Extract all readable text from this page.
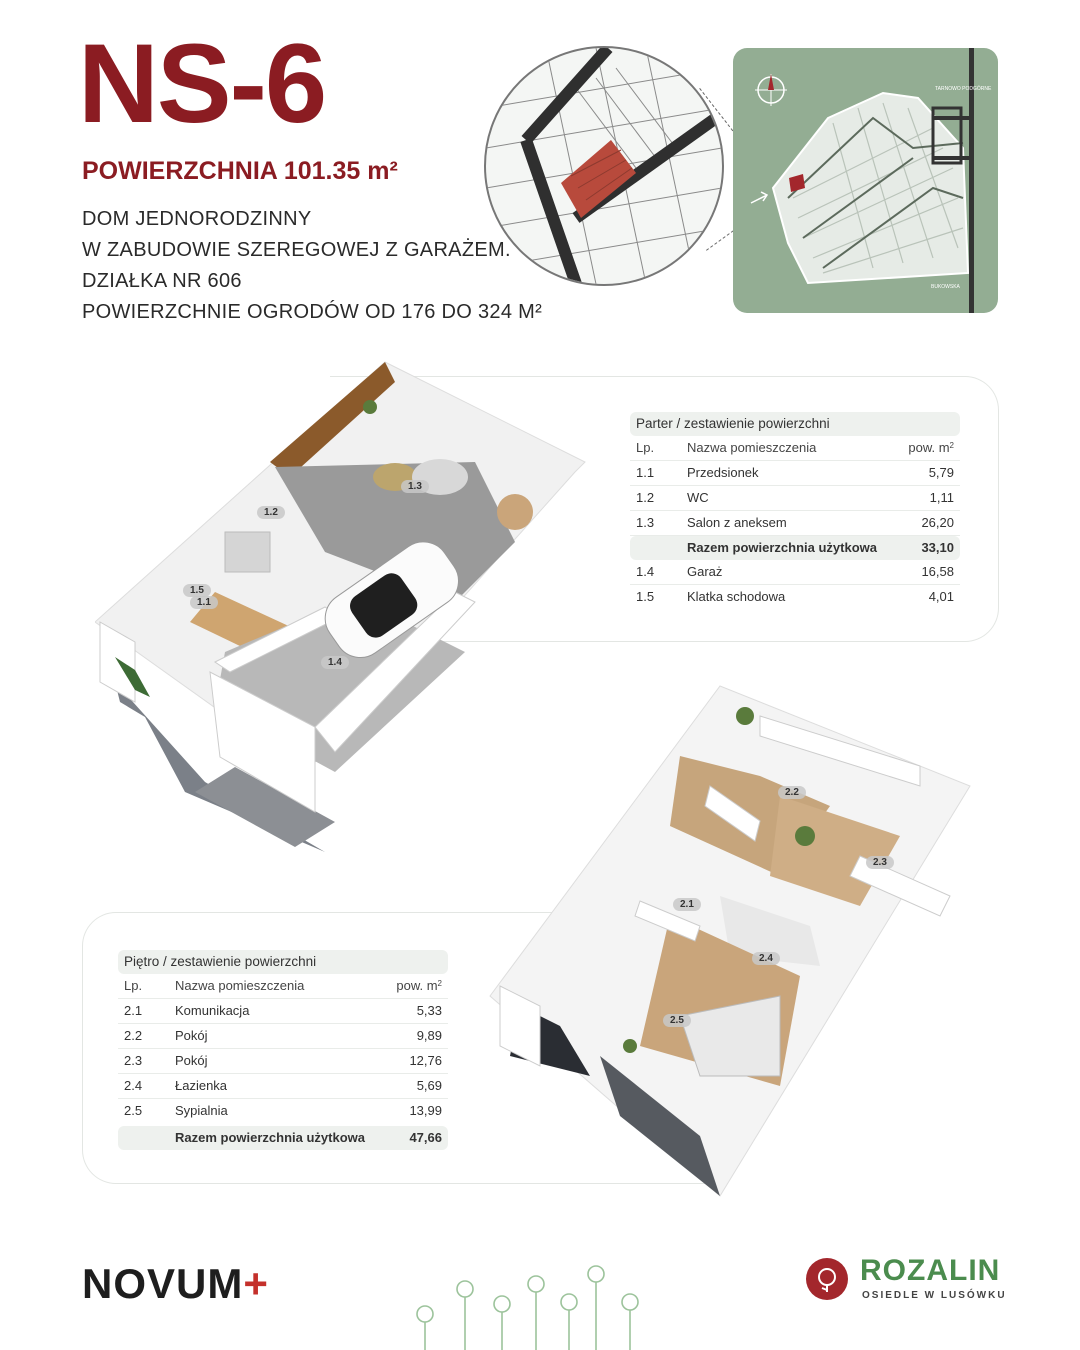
NS-6
POWIERZCHNIA 101.35 m²
DOM JEDNORODZINNY
W ZABUDOWIE SZEREGOWEJ Z GARAŻEM.
DZIAŁKA NR 606
POWIERZCHNIE OGRODÓW OD 176 DO 324 M²
TARNOWO PODGÓRNE
BUKOWSKA
Parter / zestawienie powierzchni
Lp.	Nazwa pomieszczenia	pow. $m^2$
1.1	Przedsionek	5,79
1.2	WC	1,11
1.3	Salon z aneksem	26,20
Razem powierzchnia użytkowa	33,10
1.4	Garaż	16,58
1.5	Klatka schodowa	4,01
Piętro / zestawienie powierzchni
Lp.	Nazwa pomieszczenia	pow. $m^2$
2.1	Komunikacja	5,33
2.2	Pokój	9,89
2.3	Pokój	12,76
2.4	Łazienka	5,69
2.5	Sypialnia	13,99
Razem powierzchnia użytkowa	47,66
1.1
1.2
1.3
1.4
1.5
2.1
2.2
2.3
2.4
2.5
NOVUM+	ROZALIN
OSIEDLE W LUSÓWKU
